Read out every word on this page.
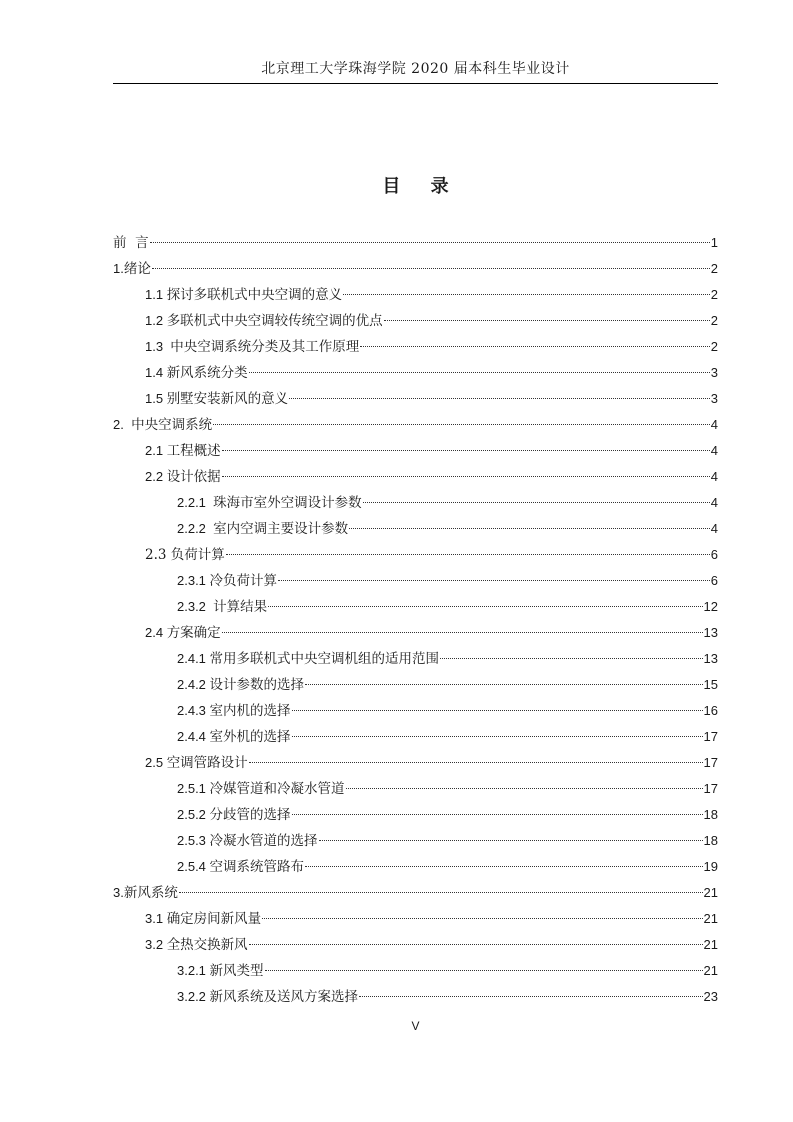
北京理工大学珠海学院 2020 届本科生毕业设计
目 录
前  言	1
1. 绪论	2
1.1 探讨多联机式中央空调的意义	2
1.2 多联机式中央空调较传统空调的优点	2
1.3 中央空调系统分类及其工作原理	2
1.4 新风系统分类	3
1.5 别墅安装新风的意义	3
2. 中央空调系统	4
2.1 工程概述	4
2.2 设计依据	4
2.2.1 珠海市室外空调设计参数	4
2.2.2 室内空调主要设计参数	4
2.3 负荷计算	6
2.3.1 冷负荷计算	6
2.3.2 计算结果	12
2.4 方案确定	13
2.4.1 常用多联机式中央空调机组的适用范围	13
2.4.2 设计参数的选择	15
2.4.3 室内机的选择	16
2.4.4 室外机的选择	17
2.5 空调管路设计	17
2.5.1 冷媒管道和冷凝水管道	17
2.5.2 分歧管的选择	18
2.5.3 冷凝水管道的选择	18
2.5.4 空调系统管路布	19
3. 新风系统	21
3.1 确定房间新风量	21
3.2 全热交换新风	21
3.2.1 新风类型	21
3.2.2 新风系统及送风方案选择	23
V
